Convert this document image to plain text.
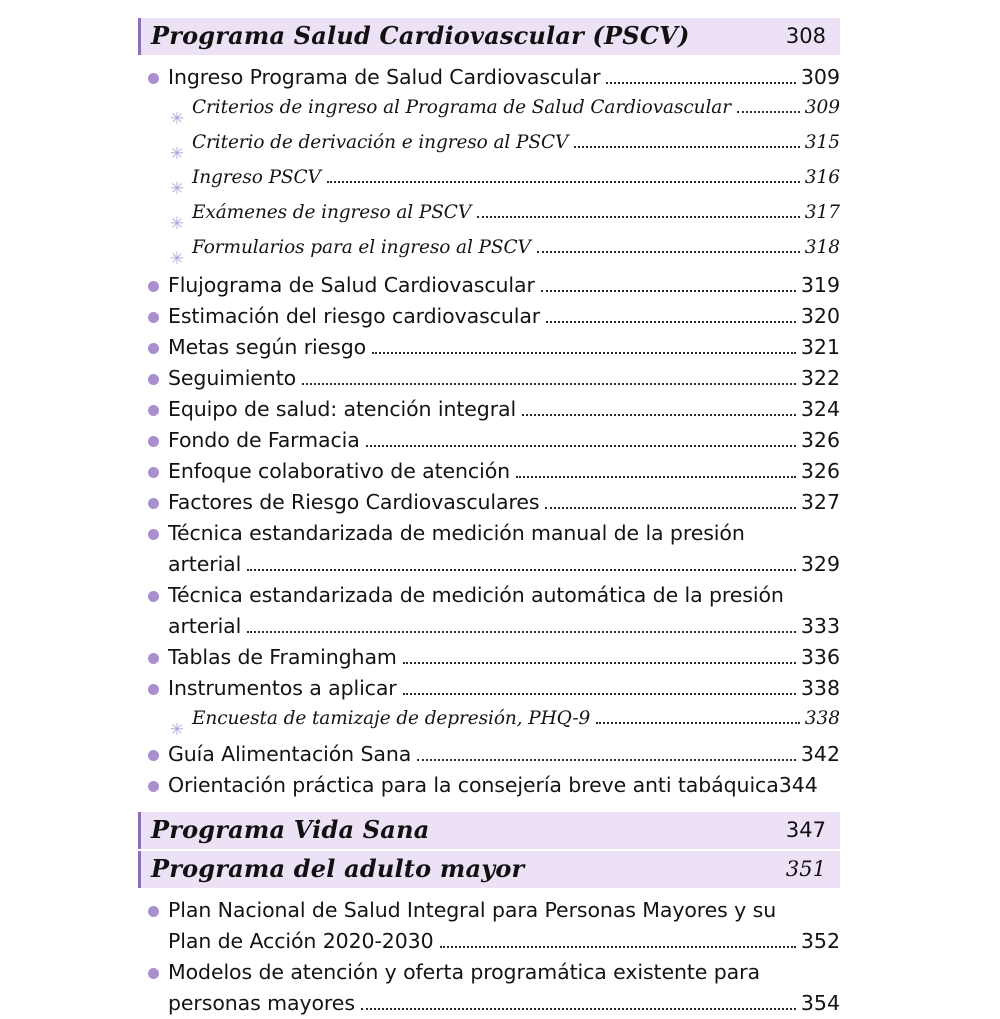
Programa Salud Cardiovascular (PSCV)	308
Ingreso Programa de Salud Cardiovascular	309
✳
Criterios de ingreso al Programa de Salud Cardiovascular	309
✳
Criterio de derivación e ingreso al PSCV	315
✳
Ingreso PSCV	316
✳
Exámenes de ingreso al PSCV	317
✳
Formularios para el ingreso al PSCV	318
Flujograma de Salud Cardiovascular	319
Estimación del riesgo cardiovascular	320
Metas según riesgo	321
Seguimiento	322
Equipo de salud: atención integral	324
Fondo de Farmacia	326
Enfoque colaborativo de atención	326
Factores de Riesgo Cardiovasculares	327
Técnica estandarizada de medición manual de la presión
arterial	329
Técnica estandarizada de medición automática de la presión
arterial	333
Tablas de Framingham	336
Instrumentos a aplicar	338
✳
Encuesta de tamizaje de depresión, PHQ-9	338
Guía Alimentación Sana	342
Orientación práctica para la consejería breve anti tabáquica 344
Programa Vida Sana	347
Programa del adulto mayor	351
Plan Nacional de Salud Integral para Personas Mayores y su
Plan de Acción 2020-2030	352
Modelos de atención y oferta programática existente para
personas mayores	354
